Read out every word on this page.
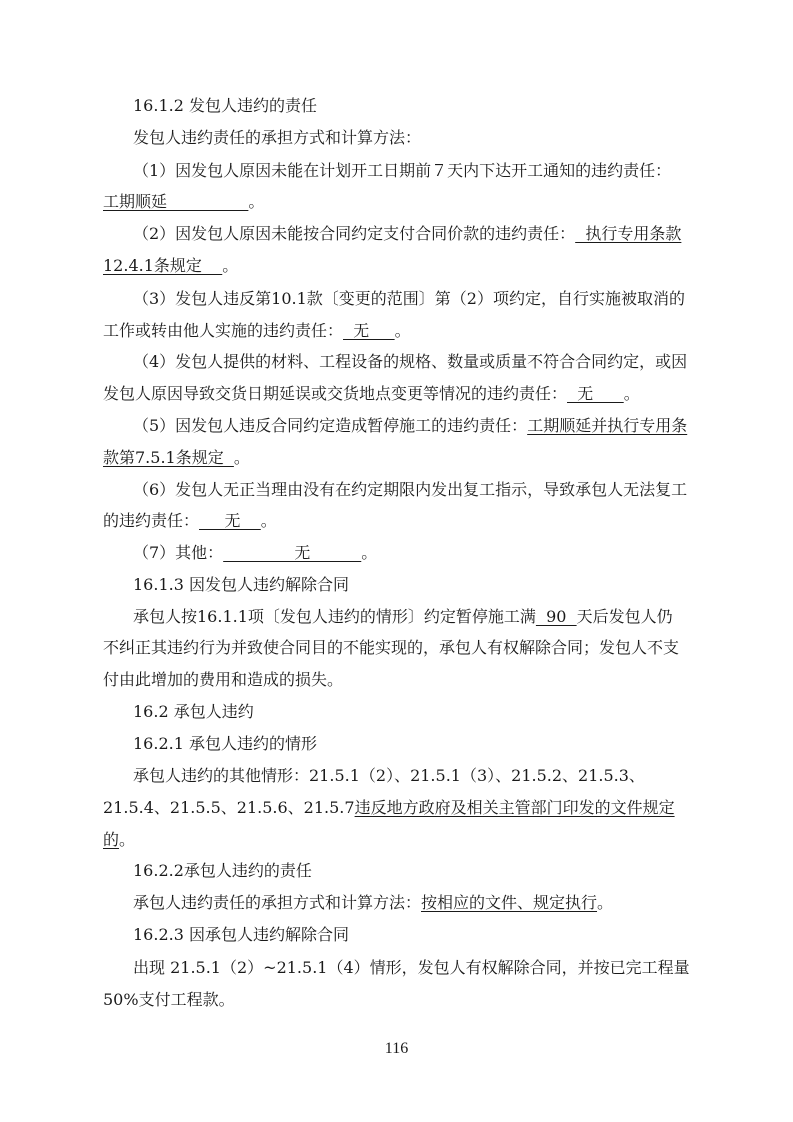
16.1.2 发包人违约的责任
发包人违约责任的承担方式和计算方法：
（1）因发包人原因未能在计划开工日期前７天内下达开工通知的违约责任：
工期顺延                。
（2）因发包人原因未能按合同约定支付合同价款的违约责任：  执行专用条款
12.4.1条规定    。
（3）发包人违反第10.1款〔变更的范围〕第（2）项约定，自行实施被取消的
工作或转由他人实施的违约责任：  无     。
（4）发包人提供的材料、工程设备的规格、数量或质量不符合合同约定，或因
发包人原因导致交货日期延误或交货地点变更等情况的违约责任：  无      。
（5）因发包人违反合同约定造成暂停施工的违约责任：工期顺延并执行专用条
款第7.5.1条规定  。
（6）发包人无正当理由没有在约定期限内发出复工指示，导致承包人无法复工
的违约责任：     无    。
（7）其他：              无          。
16.1.3 因发包人违约解除合同
承包人按16.1.1项〔发包人违约的情形〕约定暂停施工满  90  天后发包人仍
不纠正其违约行为并致使合同目的不能实现的，承包人有权解除合同；发包人不支
付由此增加的费用和造成的损失。
16.2 承包人违约
16.2.1 承包人违约的情形
承包人违约的其他情形：21.5.1（2）、21.5.1（3）、21.5.2、21.5.3、
21.5.4、21.5.5、21.5.6、21.5.7违反地方政府及相关主管部门印发的文件规定
的。
16.2.2承包人违约的责任
承包人违约责任的承担方式和计算方法：按相应的文件、规定执行。
16.2.3 因承包人违约解除合同
出现 21.5.1（2）~21.5.1（4）情形，发包人有权解除合同，并按已完工程量
50%支付工程款。
116
